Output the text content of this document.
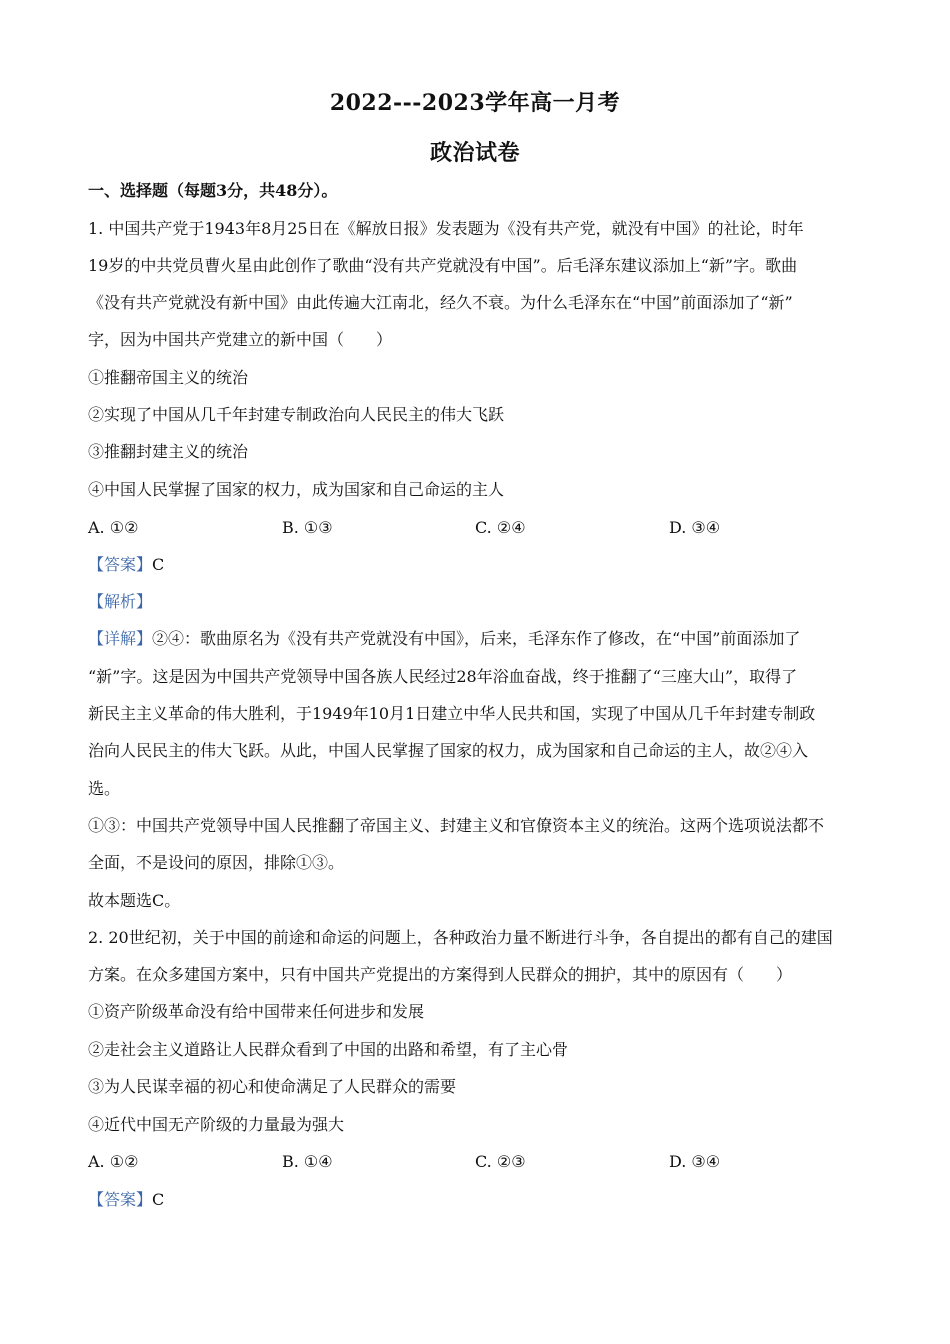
2022---2023学年高一月考
政治试卷
一、选择题（每题3分，共48分）。
1. 中国共产党于1943年8月25日在《解放日报》发表题为《没有共产党，就没有中国》的社论，时年
19岁的中共党员曹火星由此创作了歌曲“没有共产党就没有中国”。后毛泽东建议添加上“新”字。歌曲
《没有共产党就没有新中国》由此传遍大江南北，经久不衰。为什么毛泽东在“中国”前面添加了“新”
字，因为中国共产党建立的新中国（　　）
①推翻帝国主义的统治
②实现了中国从几千年封建专制政治向人民民主的伟大飞跃
③推翻封建主义的统治
④中国人民掌握了国家的权力，成为国家和自己命运的主人
A. ①②	B. ①③	C. ②④	D. ③④
【答案】C
【解析】
【详解】②④：歌曲原名为《没有共产党就没有中国》，后来，毛泽东作了修改，在“中国”前面添加了
“新”字。这是因为中国共产党领导中国各族人民经过28年浴血奋战，终于推翻了“三座大山”，取得了
新民主主义革命的伟大胜利，于1949年10月1日建立中华人民共和国，实现了中国从几千年封建专制政
治向人民民主的伟大飞跃。从此，中国人民掌握了国家的权力，成为国家和自己命运的主人，故②④入
选。
①③：中国共产党领导中国人民推翻了帝国主义、封建主义和官僚资本主义的统治。这两个选项说法都不
全面，不是设问的原因，排除①③。
故本题选C。
2. 20世纪初，关于中国的前途和命运的问题上，各种政治力量不断进行斗争，各自提出的都有自己的建国
方案。在众多建国方案中，只有中国共产党提出的方案得到人民群众的拥护，其中的原因有（　　）
①资产阶级革命没有给中国带来任何进步和发展
②走社会主义道路让人民群众看到了中国的出路和希望，有了主心骨
③为人民谋幸福的初心和使命满足了人民群众的需要
④近代中国无产阶级的力量最为强大
A. ①②	B. ①④	C. ②③	D. ③④
【答案】C
